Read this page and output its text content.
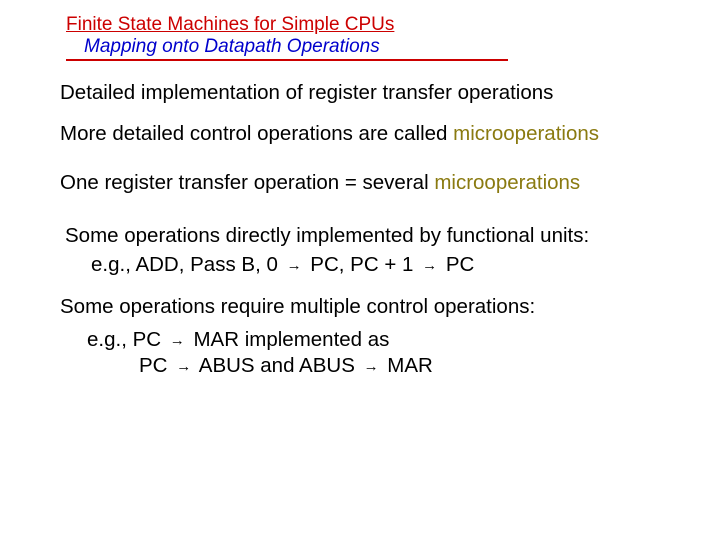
Finite State Machines for Simple CPUs
Mapping onto Datapath Operations
Detailed implementation of register transfer operations
More detailed control operations are called microoperations
One register transfer operation = several microoperations
Some operations directly implemented by functional units:
e.g., ADD, Pass B, 0 → PC, PC + 1 → PC
Some operations require multiple control operations:
e.g., PC → MAR implemented as
PC → ABUS and ABUS → MAR
